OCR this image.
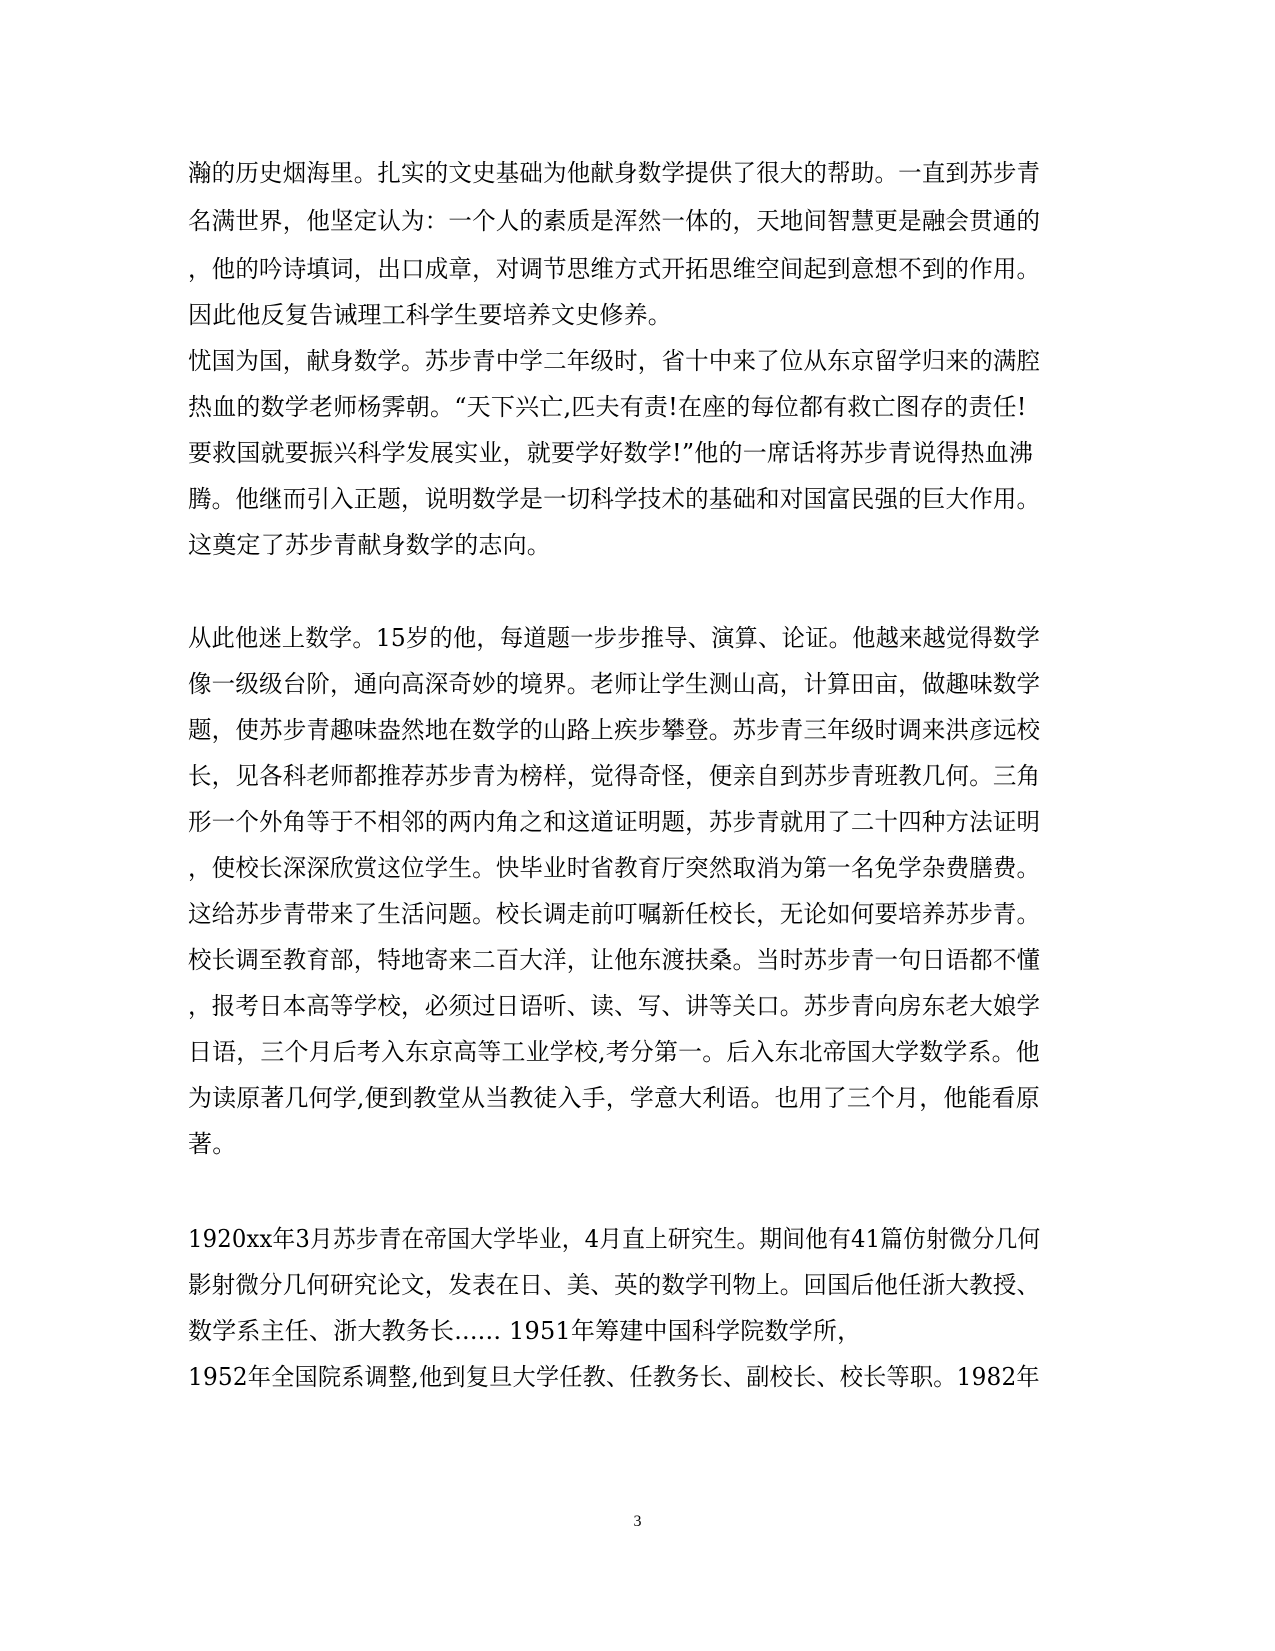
瀚的历史烟海里。扎实的文史基础为他献身数学提供了很大的帮助。一直到苏步青
名满世界，他坚定认为：一个人的素质是浑然一体的，天地间智慧更是融会贯通的
，他的吟诗填词，出口成章，对调节思维方式开拓思维空间起到意想不到的作用。
因此他反复告诫理工科学生要培养文史修养。
忧国为国，献身数学。苏步青中学二年级时，省十中来了位从东京留学归来的满腔
热血的数学老师杨霁朝。“天下兴亡,匹夫有责!在座的每位都有救亡图存的责任!
要救国就要振兴科学发展实业，就要学好数学!”他的一席话将苏步青说得热血沸
腾。他继而引入正题，说明数学是一切科学技术的基础和对国富民强的巨大作用。
这奠定了苏步青献身数学的志向。
从此他迷上数学。15岁的他，每道题一步步推导、演算、论证。他越来越觉得数学
像一级级台阶，通向高深奇妙的境界。老师让学生测山高，计算田亩，做趣味数学
题，使苏步青趣味盎然地在数学的山路上疾步攀登。苏步青三年级时调来洪彦远校
长，见各科老师都推荐苏步青为榜样，觉得奇怪，便亲自到苏步青班教几何。三角
形一个外角等于不相邻的两内角之和这道证明题，苏步青就用了二十四种方法证明
，使校长深深欣赏这位学生。快毕业时省教育厅突然取消为第一名免学杂费膳费。
这给苏步青带来了生活问题。校长调走前叮嘱新任校长，无论如何要培养苏步青。
校长调至教育部，特地寄来二百大洋，让他东渡扶桑。当时苏步青一句日语都不懂
，报考日本高等学校，必须过日语听、读、写、讲等关口。苏步青向房东老大娘学
日语，三个月后考入东京高等工业学校,考分第一。后入东北帝国大学数学系。他
为读原著几何学,便到教堂从当教徒入手，学意大利语。也用了三个月，他能看原
著。
1920xx年3月苏步青在帝国大学毕业，4月直上研究生。期间他有41篇仿射微分几何
影射微分几何研究论文，发表在日、美、英的数学刊物上。回国后他任浙大教授、
数学系主任、浙大教务长...... 1951年筹建中国科学院数学所，
1952年全国院系调整,他到复旦大学任教、任教务长、副校长、校长等职。1982年
3
